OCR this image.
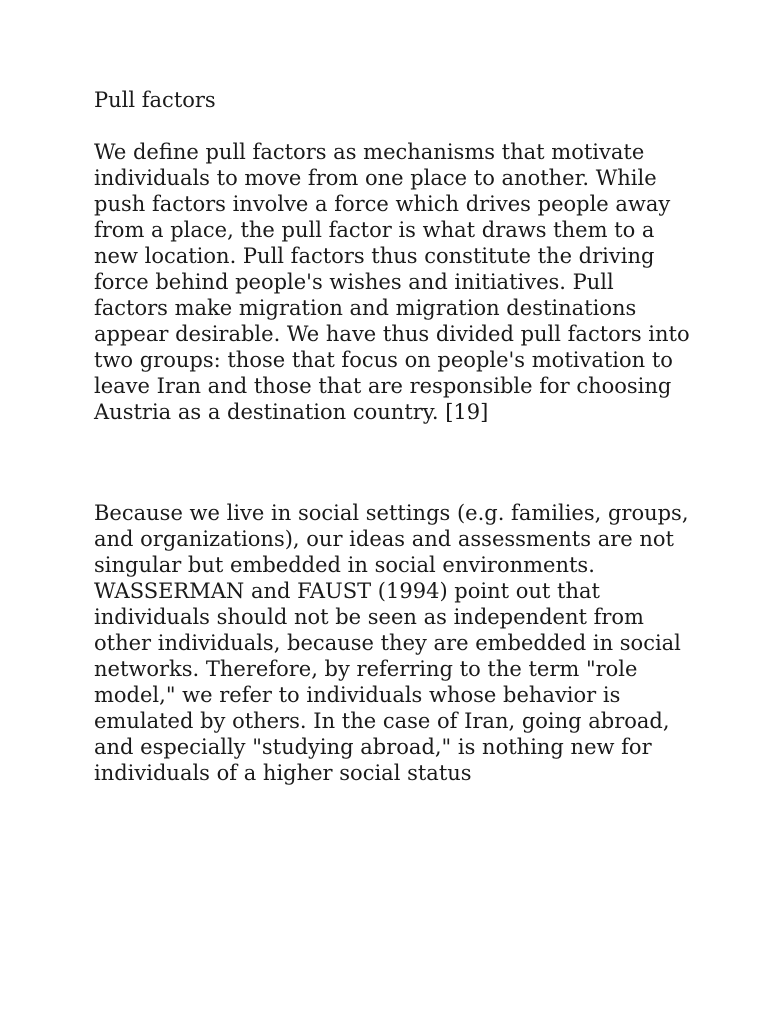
Pull factors

We define pull factors as mechanisms that motivate individuals to move from one place to another. While push factors involve a force which drives people away from a place, the pull factor is what draws them to a new location. Pull factors thus constitute the driving force behind people's wishes and initiatives. Pull factors make migration and migration destinations appear desirable. We have thus divided pull factors into two groups: those that focus on people's motivation to leave Iran and those that are responsible for choosing Austria as a destination country. [19]

Because we live in social settings (e.g. families, groups, and organizations), our ideas and assessments are not singular but embedded in social environments. WASSERMAN and FAUST (1994) point out that individuals should not be seen as independent from other individuals, because they are embedded in social networks. Therefore, by referring to the term "role model," we refer to individuals whose behavior is emulated by others. In the case of Iran, going abroad, and especially "studying abroad," is nothing new for individuals of a higher social status
